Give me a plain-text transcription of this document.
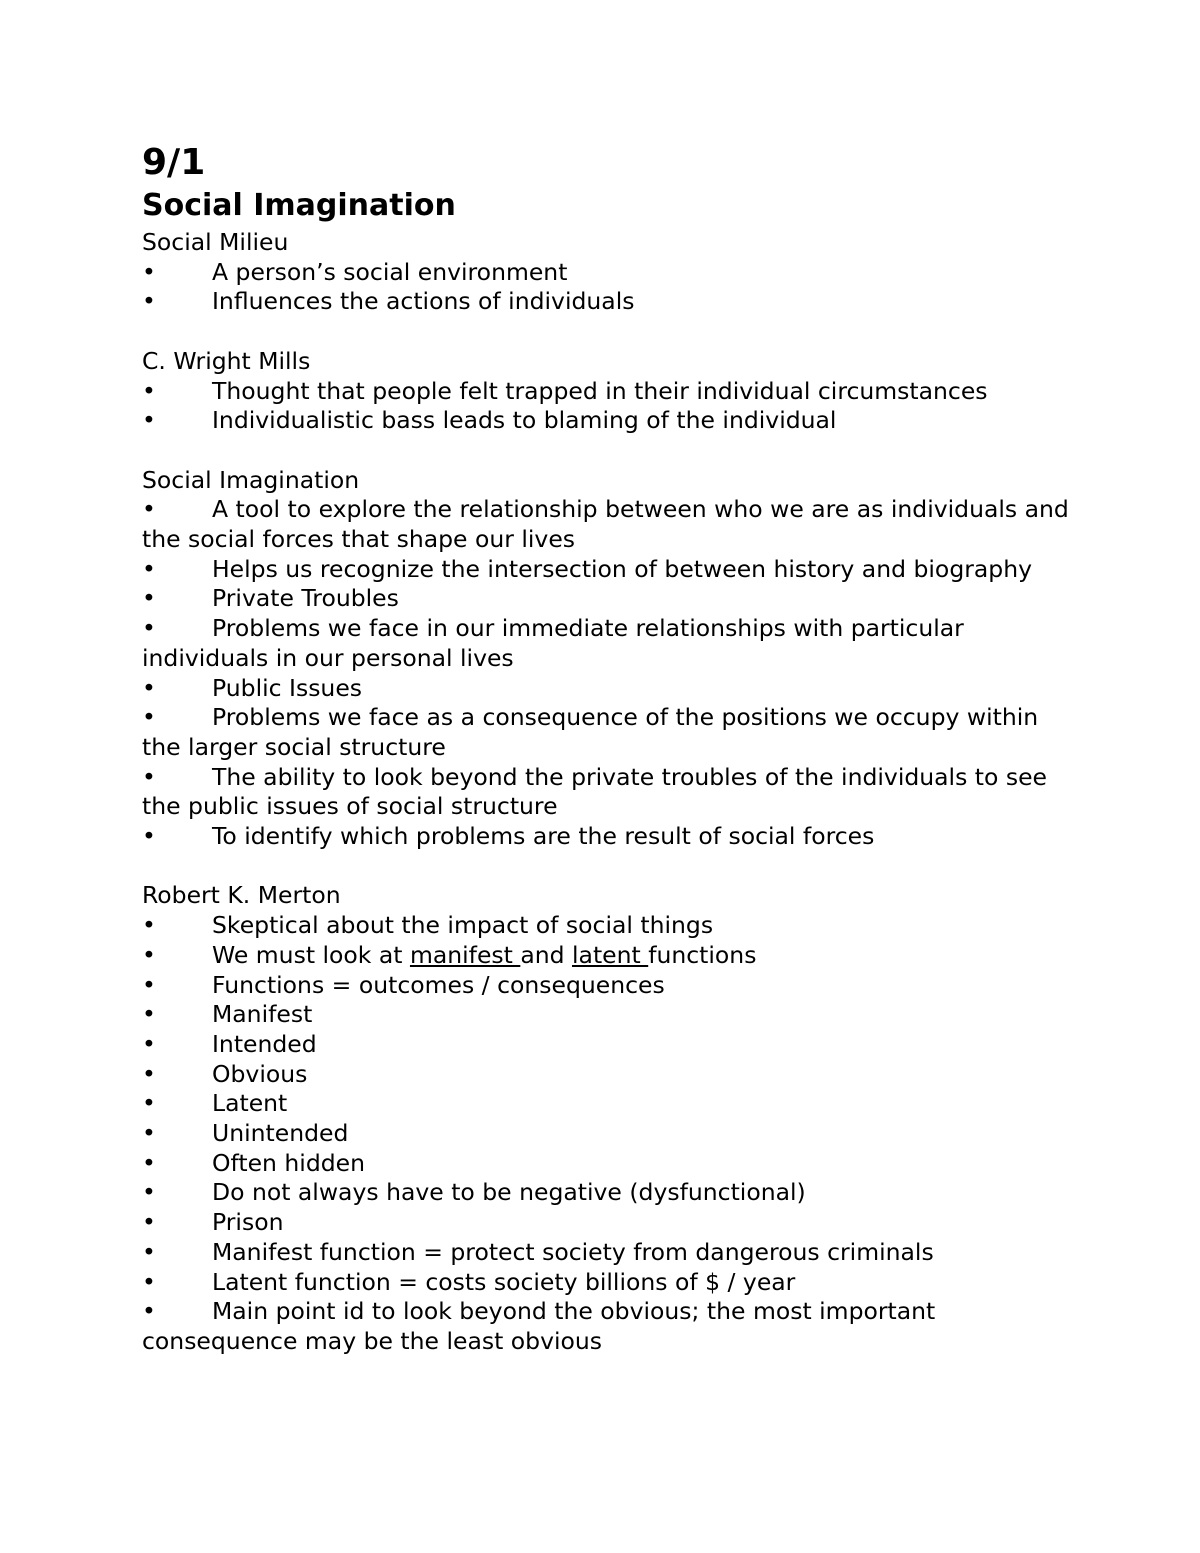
9/1
Social Imagination
Social Milieu
• A person’s social environment
• Influences the actions of individuals
C. Wright Mills
• Thought that people felt trapped in their individual circumstances
• Individualistic bass leads to blaming of the individual
Social Imagination
• A tool to explore the relationship between who we are as individuals and the social forces that shape our lives
• Helps us recognize the intersection of between history and biography
• Private Troubles
• Problems we face in our immediate relationships with particular individuals in our personal lives
• Public Issues
• Problems we face as a consequence of the positions we occupy within the larger social structure
• The ability to look beyond the private troubles of the individuals to see the public issues of social structure
• To identify which problems are the result of social forces
Robert K. Merton
• Skeptical about the impact of social things
• We must look at manifest and latent functions
• Functions = outcomes / consequences
• Manifest
• Intended
• Obvious
• Latent
• Unintended
• Often hidden
• Do not always have to be negative (dysfunctional)
• Prison
• Manifest function = protect society from dangerous criminals
• Latent function = costs society billions of $ / year
• Main point id to look beyond the obvious; the most important consequence may be the least obvious
